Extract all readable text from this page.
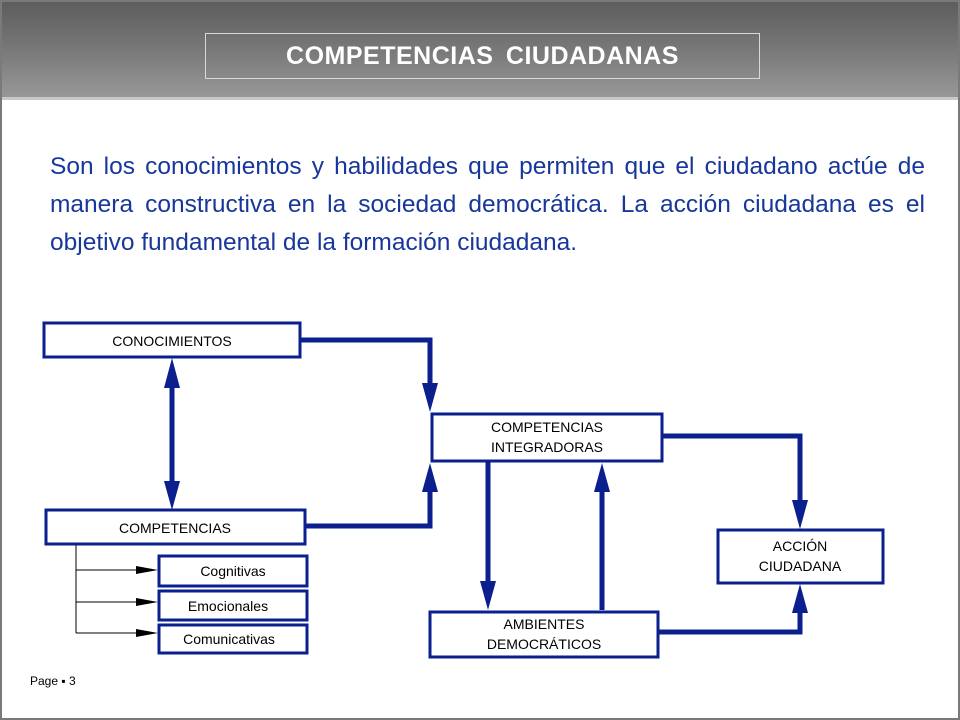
COMPETENCIAS CIUDADANAS
Son los conocimientos y habilidades que permiten que el ciudadano actúe de manera constructiva en la sociedad democrática. La acción ciudadana es el objetivo fundamental de la formación ciudadana.
CONOCIMIENTOS
COMPETENCIAS
COMPETENCIAS
INTEGRADORAS
ACCIÓN
CIUDADANA
AMBIENTES
DEMOCRÁTICOS
Cognitivas
Emocionales
Comunicativas
Page ▪ 3
